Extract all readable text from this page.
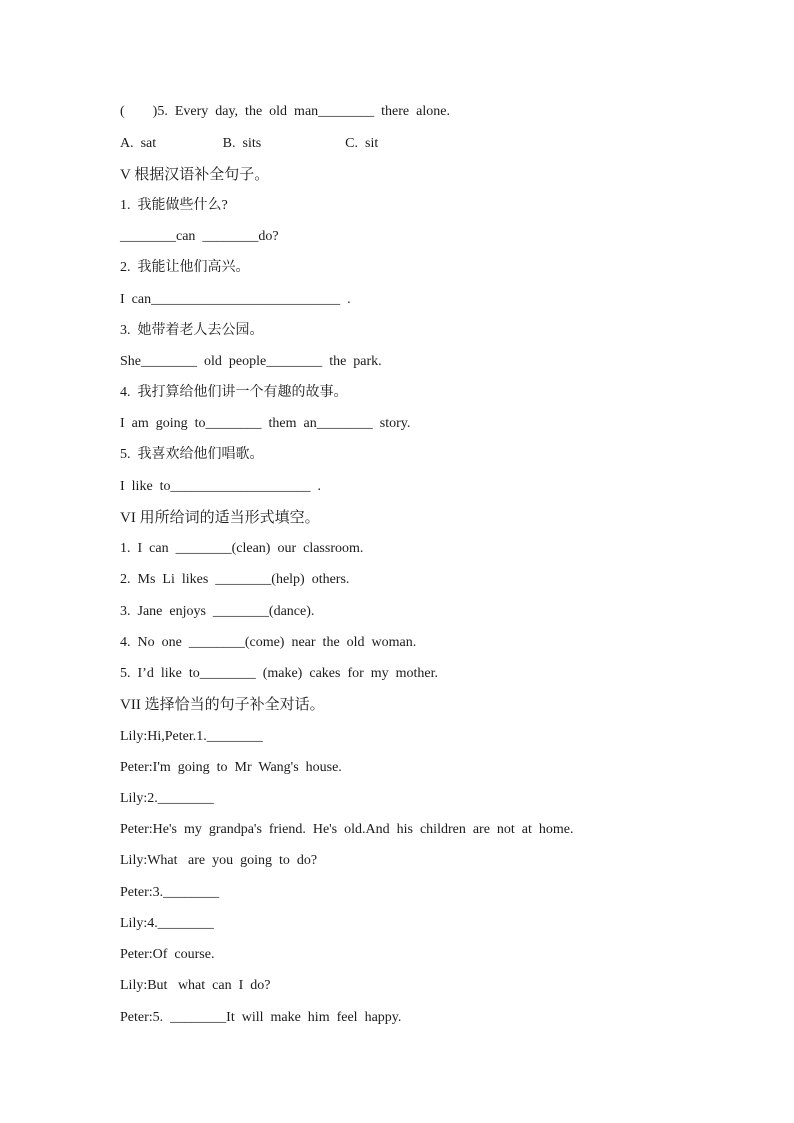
(        )5.  Every  day,  the  old  man________  there  alone.
A.  sat                   B.  sits                        C.  sit
V 根据汉语补全句子。
1.  我能做些什么?
________can  ________do?
2.  我能让他们高兴。
I  can___________________________  .
3.  她带着老人去公园。
She________  old  people________  the  park.
4.  我打算给他们讲一个有趣的故事。
I  am  going  to________  them  an________  story.
5.  我喜欢给他们唱歌。
I  like  to____________________  .
VI 用所给词的适当形式填空。
1.  I  can  ________(clean)  our  classroom.
2.  Ms  Li  likes  ________(help)  others.
3.  Jane  enjoys  ________(dance).
4.  No  one  ________(come)  near  the  old  woman.
5.  I’d  like  to________  (make)  cakes  for  my  mother.
VII 选择恰当的句子补全对话。
Lily:Hi,Peter.1.________
Peter:I'm  going  to  Mr  Wang's  house.
Lily:2.________
Peter:He's  my  grandpa's  friend.  He's  old.And  his  children  are  not  at  home.
Lily:What   are  you  going  to  do?
Peter:3.________
Lily:4.________
Peter:Of  course.
Lily:But   what  can  I  do?
Peter:5.  ________It  will  make  him  feel  happy.
